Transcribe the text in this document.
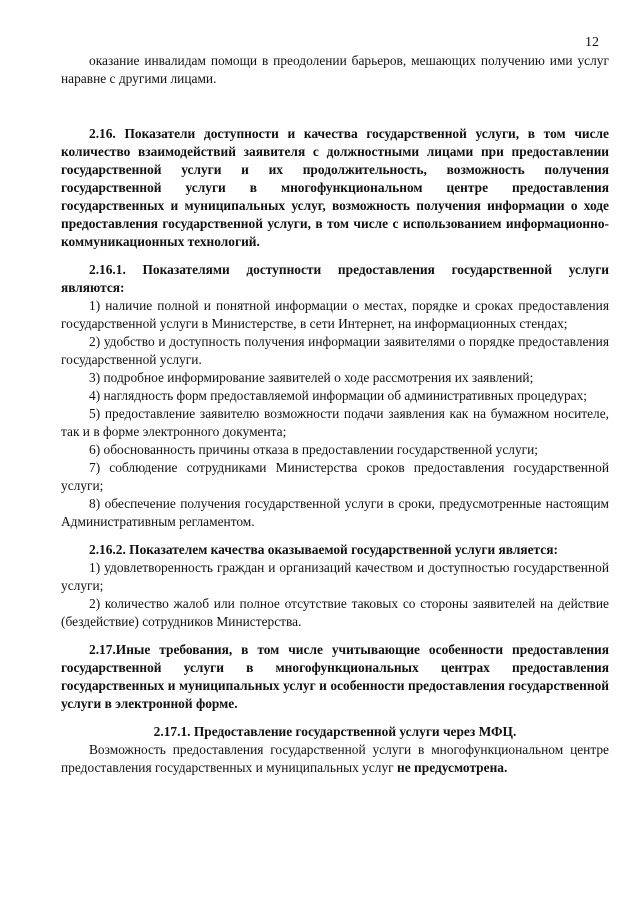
12

оказание инвалидам помощи в преодолении барьеров, мешающих получению ими услуг наравне с другими лицами.

2.16. Показатели доступности и качества государственной услуги, в том числе количество взаимодействий заявителя с должностными лицами при предоставлении государственной услуги и их продолжительность, возможность получения государственной услуги в многофункциональном центре предоставления государственных и муниципальных услуг, возможность получения информации о ходе предоставления государственной услуги, в том числе с использованием информационно-коммуникационных технологий.

2.16.1. Показателями доступности предоставления государственной услуги являются:

1) наличие полной и понятной информации о местах, порядке и сроках предоставления государственной услуги в Министерстве, в сети Интернет, на информационных стендах;

2) удобство и доступность получения информации заявителями о порядке предоставления государственной услуги.

3) подробное информирование заявителей о ходе рассмотрения их заявлений;

4) наглядность форм предоставляемой информации об административных процедурах;

5) предоставление заявителю возможности подачи заявления как на бумажном носителе, так и в форме электронного документа;

6) обоснованность причины отказа в предоставлении государственной услуги;

7) соблюдение сотрудниками Министерства сроков предоставления государственной услуги;

8) обеспечение получения государственной услуги в сроки, предусмотренные настоящим Административным регламентом.

2.16.2. Показателем качества оказываемой государственной услуги является:

1) удовлетворенность граждан и организаций качеством и доступностью государственной услуги;

2) количество жалоб или полное отсутствие таковых со стороны заявителей на действие (бездействие) сотрудников Министерства.

2.17.Иные требования, в том числе учитывающие особенности предоставления государственной услуги в многофункциональных центрах предоставления государственных и муниципальных услуг и особенности предоставления государственной услуги в электронной форме.

2.17.1. Предоставление государственной услуги через МФЦ.

Возможность предоставления государственной услуги в многофункциональном центре предоставления государственных и муниципальных услуг не предусмотрена.
